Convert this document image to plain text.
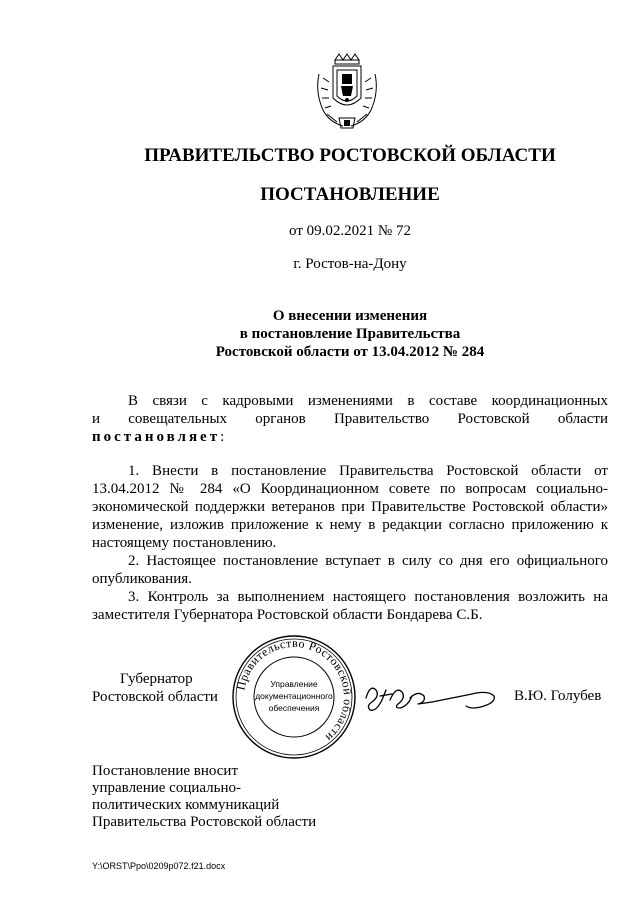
ПРАВИТЕЛЬСТВО РОСТОВСКОЙ ОБЛАСТИ
ПОСТАНОВЛЕНИЕ
от 09.02.2021 № 72
г. Ростов-на-Дону
О внесении изменения
в постановление Правительства
Ростовской области от 13.04.2012 № 284
В связи с кадровыми изменениями в составе координационных
и совещательных органов Правительство Ростовской области
постановляет:
1. Внести в постановление Правительства Ростовской области от 13.04.2012 № 284 «О Координационном совете по вопросам социально-экономической поддержки ветеранов при Правительстве Ростовской области» изменение, изложив приложение к нему в редакции согласно приложению к настоящему постановлению.
2. Настоящее постановление вступает в силу со дня его официального опубликования.
3. Контроль за выполнением настоящего постановления возложить на заместителя Губернатора Ростовской области Бондарева С.Б.
Правительство Ростовской области
Управление
документационного
обеспечения
Губернатор
Ростовской области	В.Ю. Голубев
Постановление вносит
управление социально-
политических коммуникаций
Правительства Ростовской области
Y:\ORST\Ppo\0209p072.f21.docx
